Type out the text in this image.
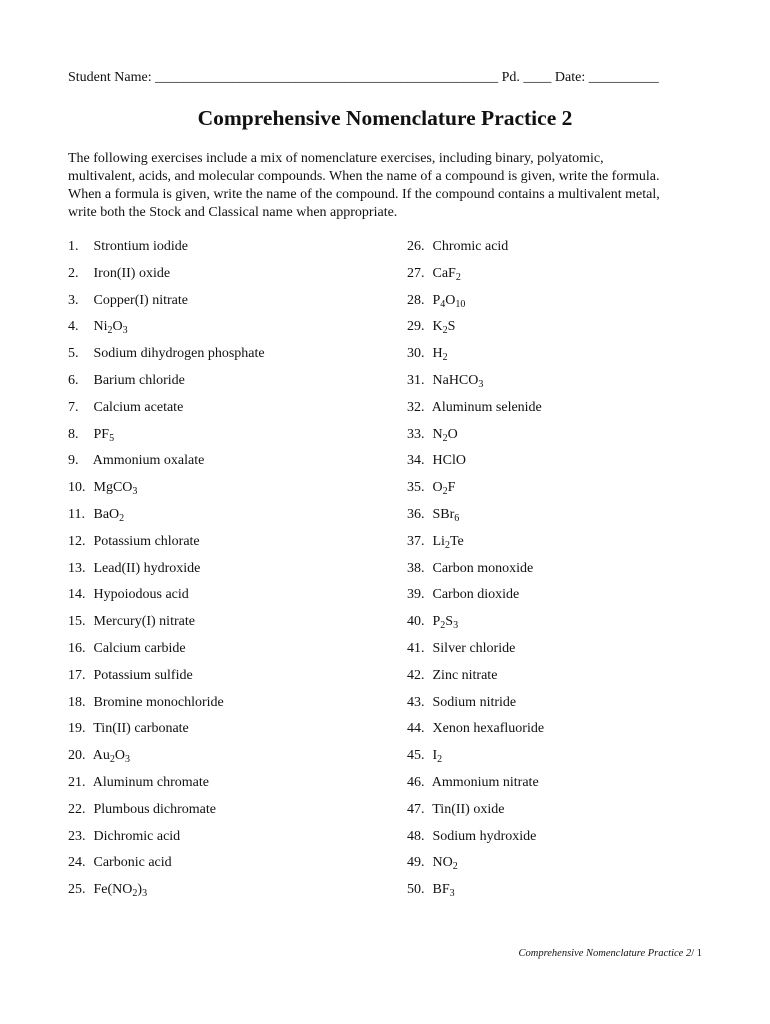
Student Name: _________________________________________________ Pd. ____ Date: __________
Comprehensive Nomenclature Practice 2
The following exercises include a mix of nomenclature exercises, including binary, polyatomic, multivalent, acids, and molecular compounds. When the name of a compound is given, write the formula. When a formula is given, write the name of the compound. If the compound contains a multivalent metal, write both the Stock and Classical name when appropriate.
1. Strontium iodide
2. Iron(II) oxide
3. Copper(I) nitrate
4. $Ni_2O_3$
5. Sodium dihydrogen phosphate
6. Barium chloride
7. Calcium acetate
8. $PF_5$
9. Ammonium oxalate
10. MgCO$_3$
11. BaO$_2$
12. Potassium chlorate
13. Lead(II) hydroxide
14. Hypoiodous acid
15. Mercury(I) nitrate
16. Calcium carbide
17. Potassium sulfide
18. Bromine monochloride
19. Tin(II) carbonate
20. $Au_2O_3$
21. Aluminum chromate
22. Plumbous dichromate
23. Dichromic acid
24. Carbonic acid
25. $Fe(NO_2)_3$
26. Chromic acid
27. CaF$_2$
28. $P_4O_{10}$
29. $K_2S$
30. $H_2$
31. NaHCO$_3$
32. Aluminum selenide
33. $N_2O$
34. HClO
35. $O_2F$
36. SBr$_6$
37. $Li_2Te$
38. Carbon monoxide
39. Carbon dioxide
40. $P_2S_3$
41. Silver chloride
42. Zinc nitrate
43. Sodium nitride
44. Xenon hexafluoride
45. $I_2$
46. Ammonium nitrate
47. Tin(II) oxide
48. Sodium hydroxide
49. $NO_2$
50. $BF_3$
Comprehensive Nomenclature Practice 2/ 1
